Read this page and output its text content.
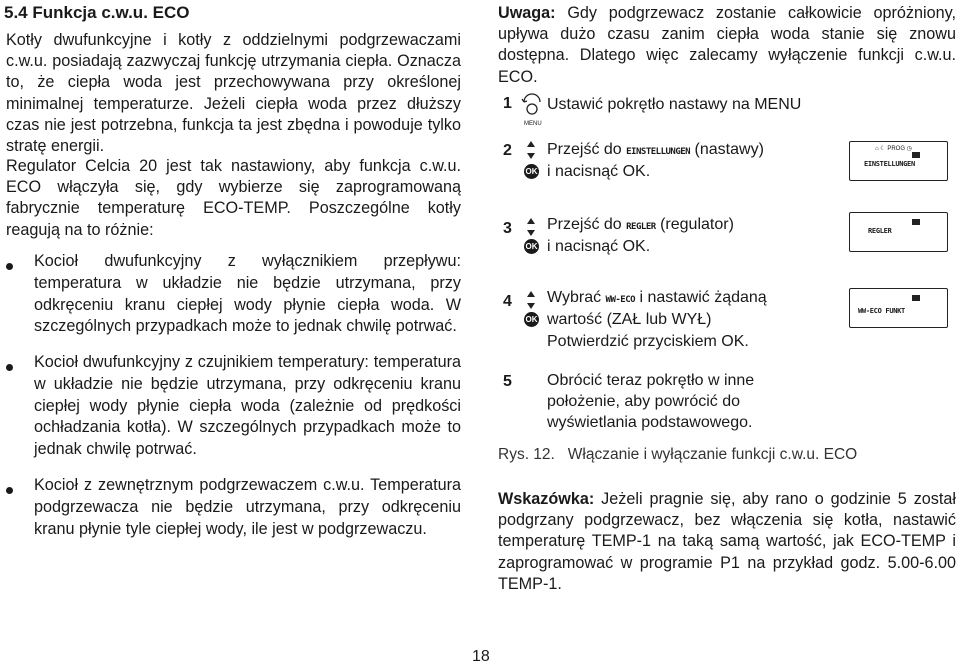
5.4 Funkcja c.w.u. ECO
Kotły dwufunkcyjne i kotły z oddzielnymi podgrzewaczami c.w.u. posiadają zazwyczaj funkcję utrzymania ciepła. Oznacza to, że ciepła woda jest przechowywana przy określonej minimalnej temperaturze. Jeżeli ciepła woda przez dłuższy czas nie jest potrzebna, funkcja ta jest zbędna i powoduje tylko stratę energii.
Regulator Celcia 20 jest tak nastawiony, aby funkcja c.w.u. ECO włączyła się, gdy wybierze się zaprogramowaną fabrycznie temperaturę ECO-TEMP. Poszczególne kotły reagują na to różnie:
Kocioł dwufunkcyjny z wyłącznikiem przepływu: temperatura w układzie nie będzie utrzymana, przy odkręceniu kranu ciepłej wody płynie ciepła woda. W szczególnych przypadkach może to jednak chwilę potrwać.
Kocioł dwufunkcyjny z czujnikiem temperatury: temperatura w układzie nie będzie utrzymana, przy odkręceniu kranu ciepłej wody płynie ciepła woda (zależnie od prędkości ochładzania kotła). W szczególnych przypadkach może to jednak chwilę potrwać.
Kocioł z zewnętrznym podgrzewaczem c.w.u. Temperatura podgrzewacza nie będzie utrzymana, przy odkręceniu kranu płynie tyle ciepłej wody, ile jest w podgrzewaczu.
Uwaga: Gdy podgrzewacz zostanie całkowicie opróżniony, upływa dużo czasu zanim ciepła woda stanie się znowu dostępna. Dlatego więc zalecamy wyłączenie funkcji c.w.u. ECO.
1
MENU
Ustawić pokrętło nastawy na MENU
2
OK
Przejść do EINSTELLUNGEN (nastawy)
i nacisnąć OK.
⌂ ☾ PROG ◷
EINSTELLUNGEN
3
OK
Przejść do REGLER (regulator)
i nacisnąć OK.
REGLER
4
OK
Wybrać WW-ECO i nastawić żądaną
wartość (ZAŁ lub WYŁ)
Potwierdzić przyciskiem OK.
WW-ECO FUNKT
5 Obrócić teraz pokrętło w inne
położenie, aby powrócić do
wyświetlania podstawowego.
Rys. 12.   Włączanie i wyłączanie funkcji c.w.u. ECO
Wskazówka: Jeżeli pragnie się, aby rano o godzinie 5 został podgrzany podgrzewacz, bez włączenia się kotła, nastawić temperaturę TEMP-1 na taką samą wartość, jak ECO-TEMP i zaprogramować w programie P1 na przykład godz. 5.00-6.00 TEMP-1.
18
